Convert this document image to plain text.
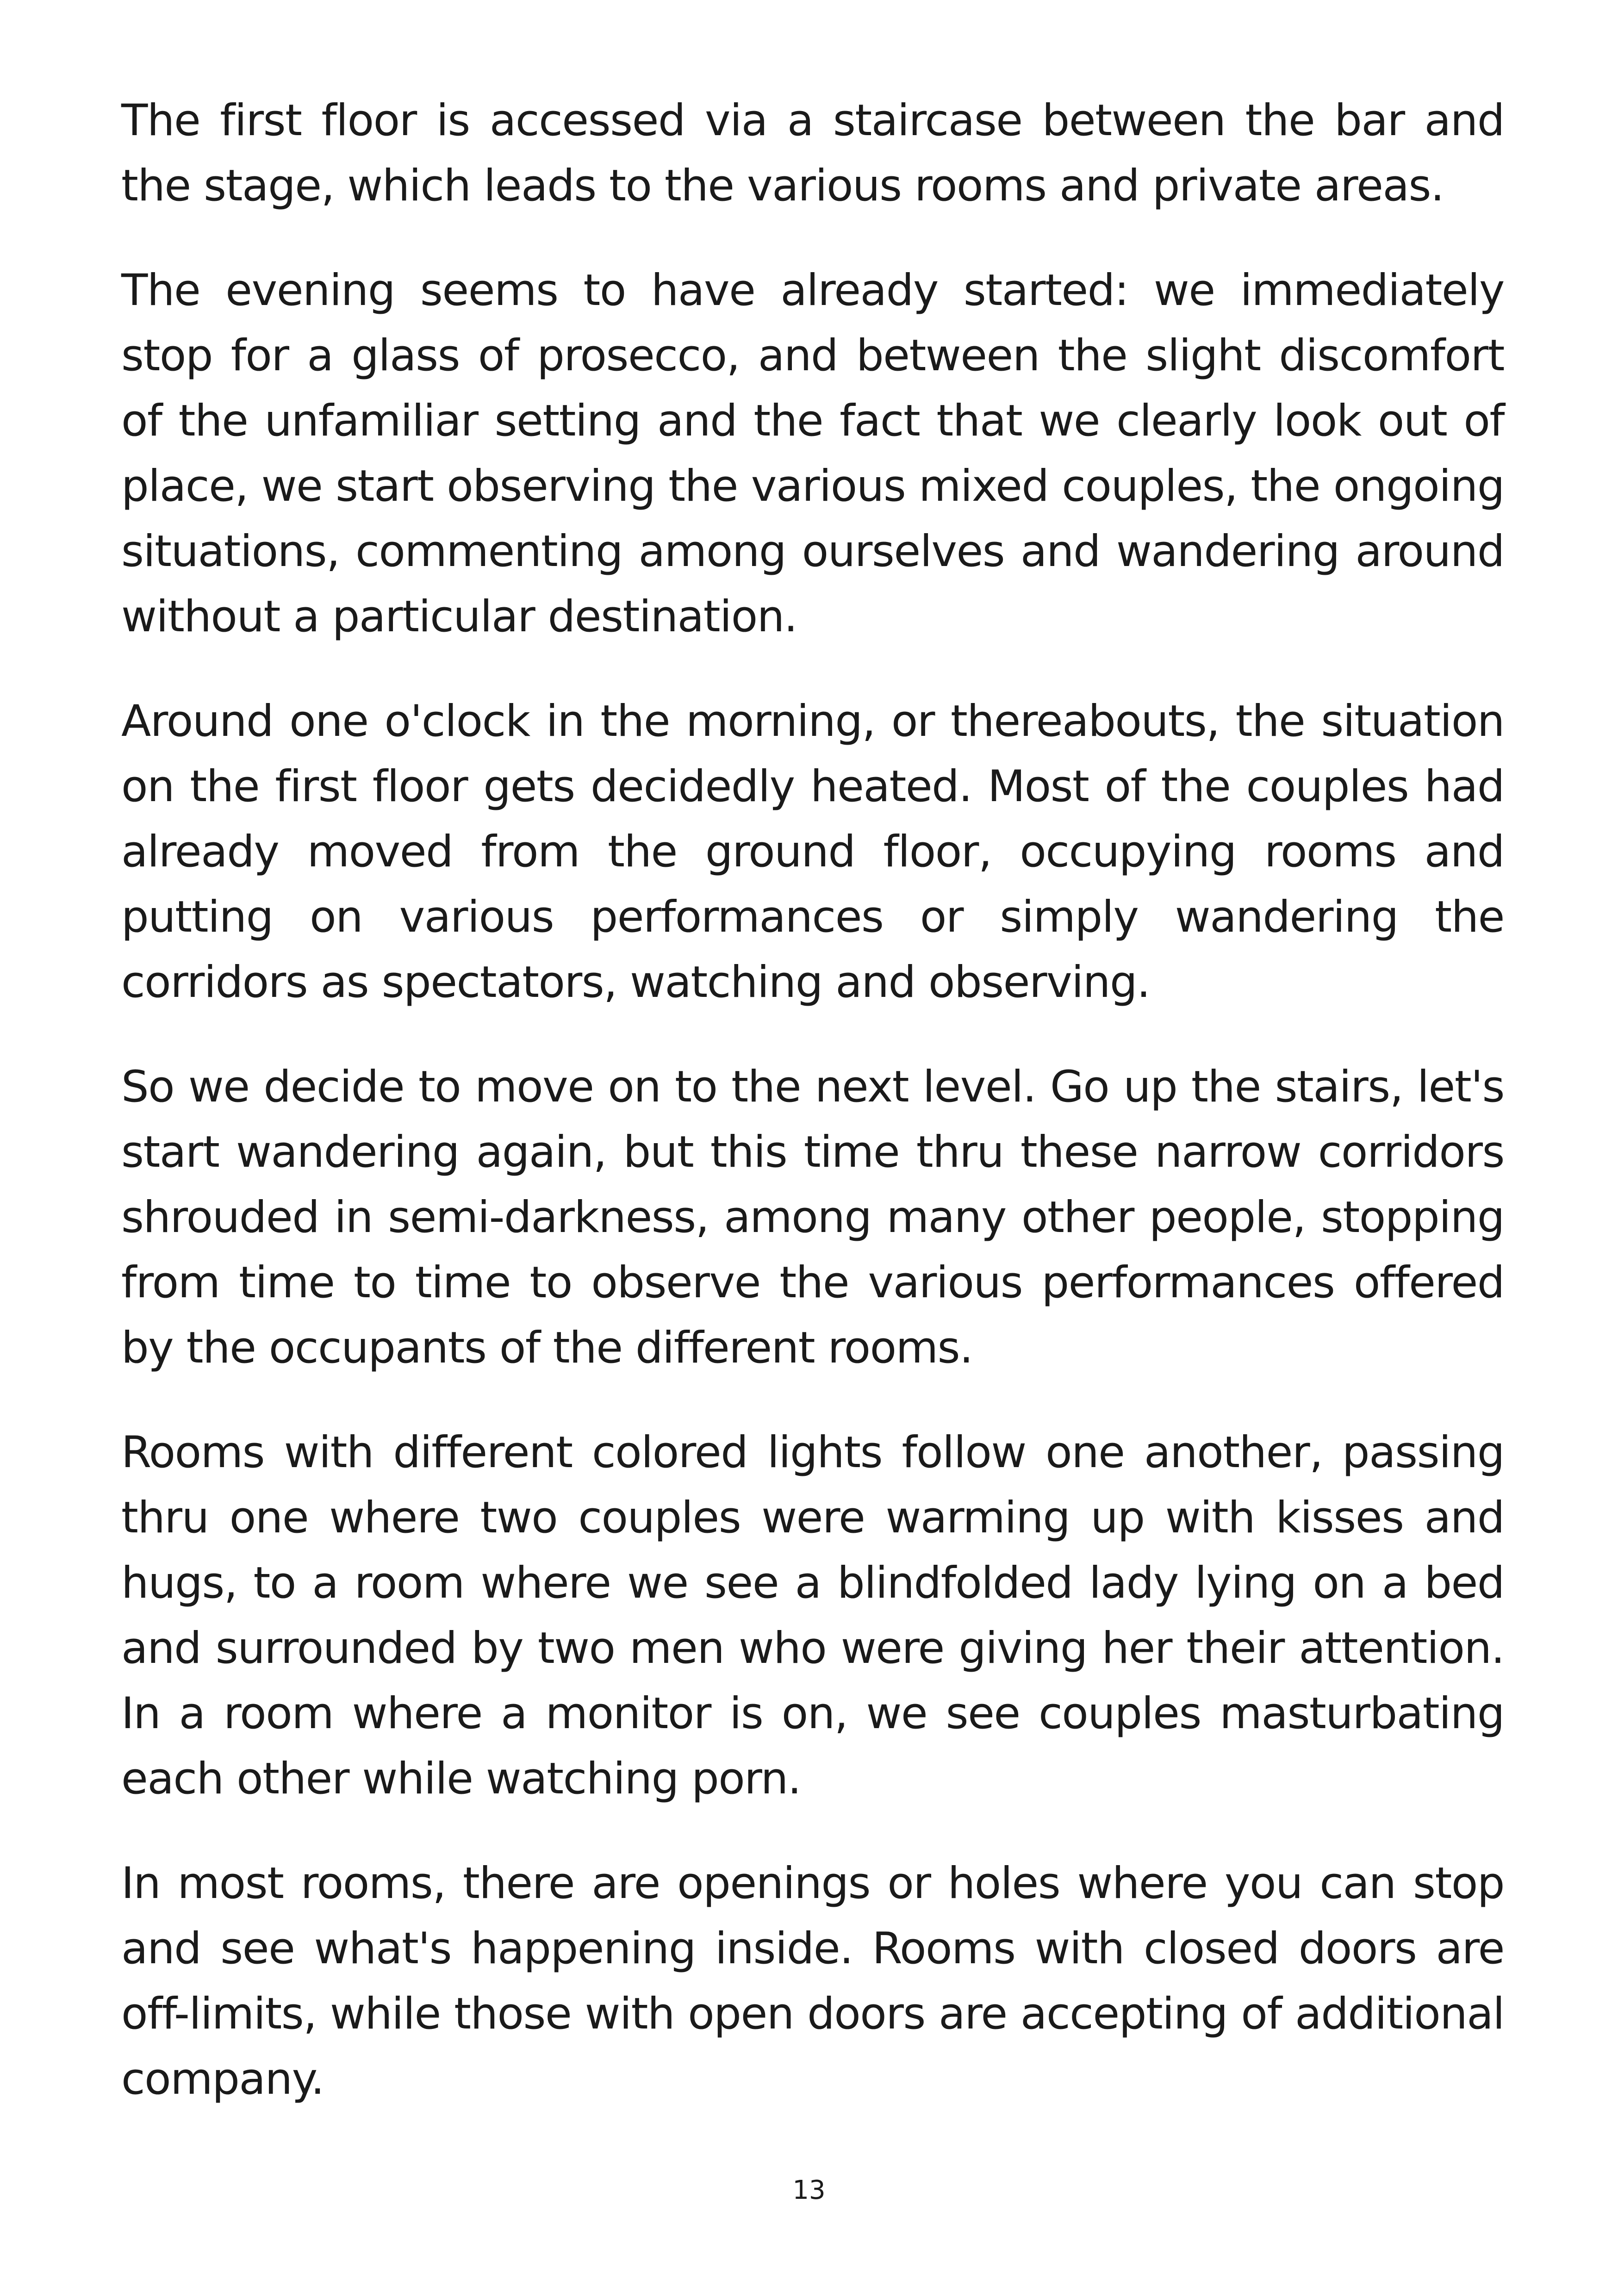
The first floor is accessed via a staircase between the bar and the stage, which leads to the various rooms and private areas.

The evening seems to have already started: we immediately stop for a glass of prosecco, and between the slight discomfort of the unfamiliar setting and the fact that we clearly look out of place, we start observing the various mixed couples, the ongoing situations, commenting among ourselves and wandering around without a particular destination.

Around one o'clock in the morning, or thereabouts, the situation on the first floor gets decidedly heated. Most of the couples had already moved from the ground floor, occupying rooms and putting on various performances or simply wandering the corridors as spectators, watching and observing.

So we decide to move on to the next level. Go up the stairs, let's start wandering again, but this time thru these narrow corridors shrouded in semi-darkness, among many other people, stopping from time to time to observe the various performances offered by the occupants of the different rooms.

Rooms with different colored lights follow one another, passing thru one where two couples were warming up with kisses and hugs, to a room where we see a blindfolded lady lying on a bed and surrounded by two men who were giving her their attention. In a room where a monitor is on, we see couples masturbating each other while watching porn.

In most rooms, there are openings or holes where you can stop and see what's happening inside. Rooms with closed doors are off-limits, while those with open doors are accepting of additional company.

13
